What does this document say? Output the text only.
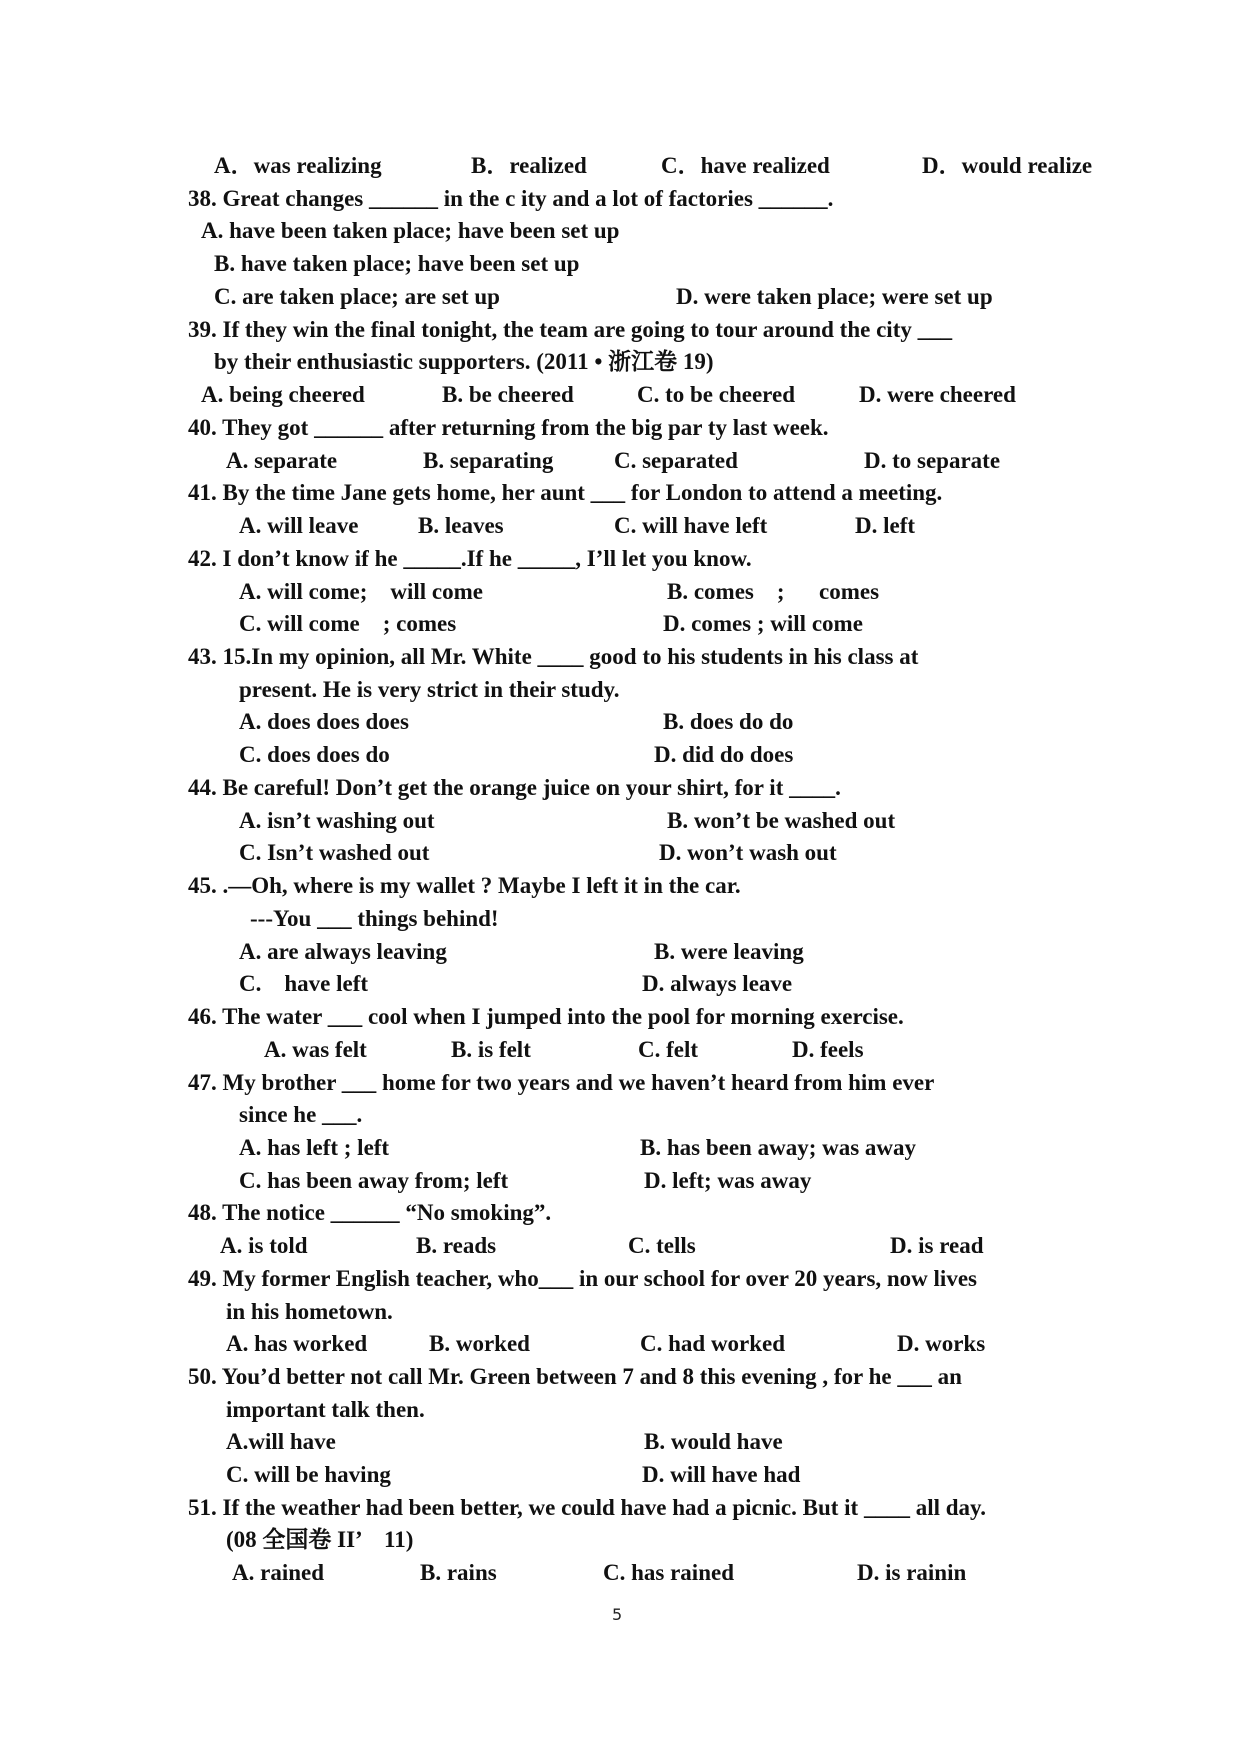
A．was realizing	B．realized	C．have realized	D．would realize
38. Great changes ______ in the c ity and a lot of factories ______.
A. have been taken place; have been set up
B. have taken place; have been set up
C. are taken place; are set up	D. were taken place; were set up
39. If they win the final tonight, the team are going to tour around the city ___
by their enthusiastic supporters. (2011 • 浙江卷 19)
A. being cheered	B. be cheered	C. to be cheered	D. were cheered
40. They got ______ after returning from the big par ty last week.
A. separate	B. separating	C. separated	D. to separate
41. By the time Jane gets home, her aunt ___ for London to attend a meeting.
A. will leave	B. leaves	C. will have left	D. left
42. I don’t know if he _____.If he _____, I’ll let you know.
A. will come;    will come	B. comes    ;      comes
C. will come    ; comes	D. comes ; will come
43. 15.In my opinion, all Mr. White ____ good to his students in his class at
present. He is very strict in their study.
A. does does does	B. does do do
C. does does do	D. did do does
44. Be careful! Don’t get the orange juice on your shirt, for it ____.
A. isn’t washing out	B. won’t be washed out
C. Isn’t washed out	D. won’t wash out
45. .—Oh, where is my wallet ? Maybe I left it in the car.
---You ___ things behind!
A. are always leaving	B. were leaving
C.    have left	D. always leave
46. The water ___ cool when I jumped into the pool for morning exercise.
A. was felt	B. is felt	C. felt	D. feels
47. My brother ___ home for two years and we haven’t heard from him ever
since he ___.
A. has left ; left	B. has been away; was away
C. has been away from; left	D. left; was away
48. The notice ______ “No smoking”.
A. is told	B. reads	C. tells	D. is read
49. My former English teacher, who___ in our school for over 20 years, now lives
in his hometown.
A. has worked	B. worked	C. had worked	D. works
50. You’d better not call Mr. Green between 7 and 8 this evening , for he ___ an
important talk then.
A.will have	B. would have
C. will be having	D. will have had
51. If the weather had been better, we could have had a picnic. But it ____ all day.
(08 全国卷 II’    11)
A. rained	B. rains	C. has rained	D. is rainin
5
